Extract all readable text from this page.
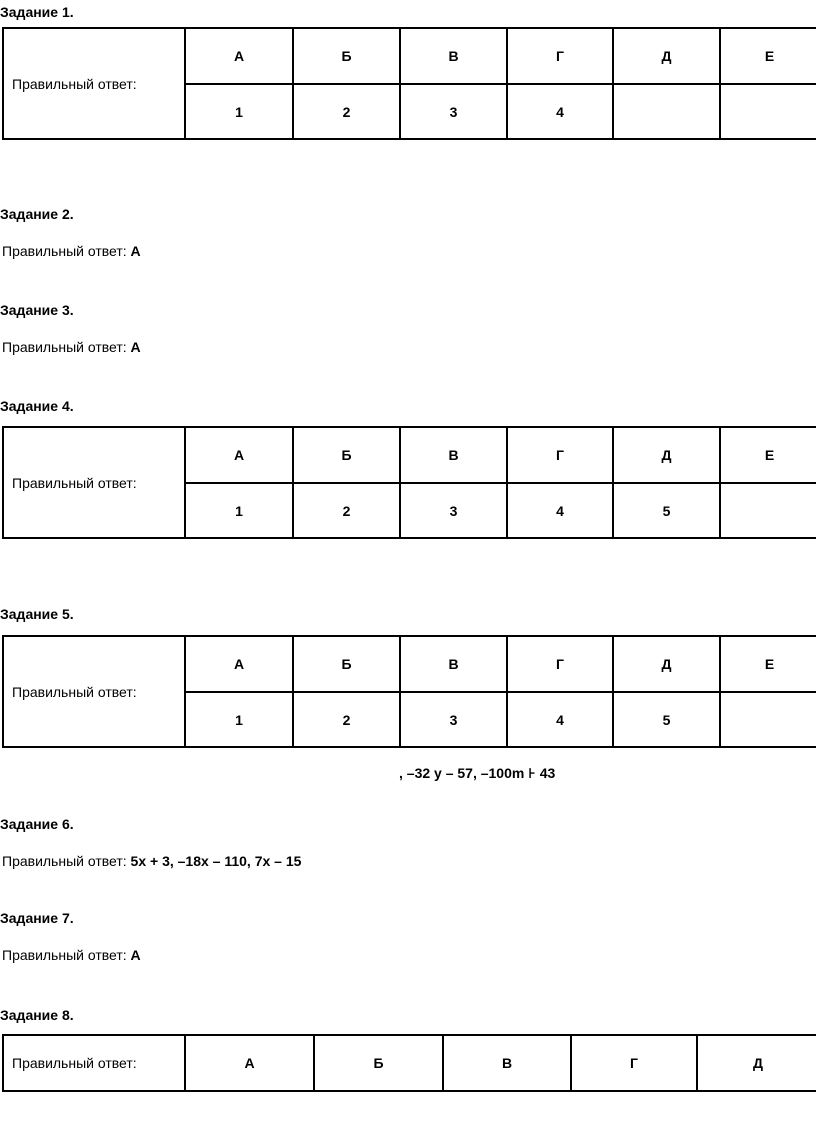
Задание 1.

Правильный ответ:	А	Б	В	Г	Д	Е
	1	2	3	4		

Задание 2.

Правильный ответ: А

Задание 3.

Правильный ответ: А

Задание 4.

Правильный ответ:	А	Б	В	Г	Д	Е
	1	2	3	4	5	

Задание 5.

Правильный ответ:	А	Б	В	Г	Д	Е
	1	2	3	4	5	

, –32 y – 57, –100m ⊦ 43

Задание 6.

Правильный ответ: 5x + 3, –18x – 110, 7x – 15

Задание 7.

Правильный ответ: А

Задание 8.

Правильный ответ:	А	Б	В	Г	Д
